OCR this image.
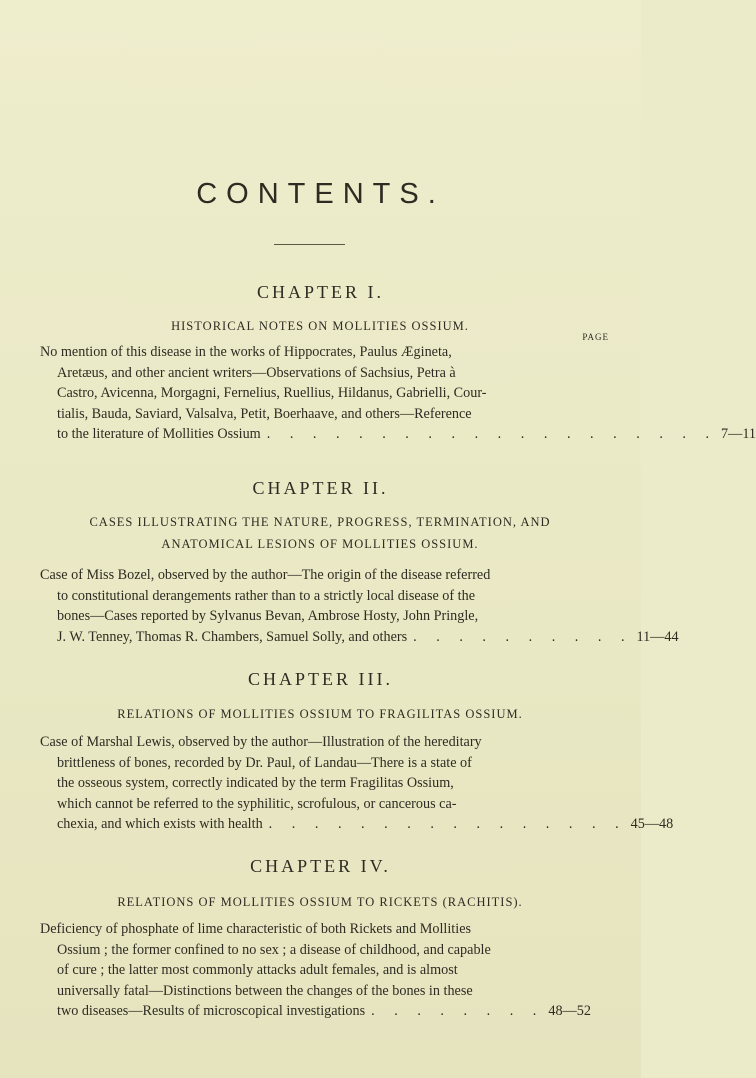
CONTENTS.
CHAPTER I.
HISTORICAL NOTES ON MOLLITIES OSSIUM.
PAGE
No mention of this disease in the works of Hippocrates, Paulus Ægineta,
Aretæus, and other ancient writers—Observations of Sachsius, Petra à
Castro, Avicenna, Morgagni, Fernelius, Ruellius, Hildanus, Gabrielli, Cour-
tialis, Bauda, Saviard, Valsalva, Petit, Boerhaave, and others—Reference
to the literature of Mollities Ossium . . . . . . . . . . . . . . . . . . . . 7—11
CHAPTER II.
CASES ILLUSTRATING THE NATURE, PROGRESS, TERMINATION, AND
ANATOMICAL LESIONS OF MOLLITIES OSSIUM.
Case of Miss Bozel, observed by the author—The origin of the disease referred
to constitutional derangements rather than to a strictly local disease of the
bones—Cases reported by Sylvanus Bevan, Ambrose Hosty, John Pringle,
J. W. Tenney, Thomas R. Chambers, Samuel Solly, and others . . . . . . . . . . 11—44
CHAPTER III.
RELATIONS OF MOLLITIES OSSIUM TO FRAGILITAS OSSIUM.
Case of Marshal Lewis, observed by the author—Illustration of the hereditary
brittleness of bones, recorded by Dr. Paul, of Landau—There is a state of
the osseous system, correctly indicated by the term Fragilitas Ossium,
which cannot be referred to the syphilitic, scrofulous, or cancerous ca-
chexia, and which exists with health . . . . . . . . . . . . . . . . 45—48
CHAPTER IV.
RELATIONS OF MOLLITIES OSSIUM TO RICKETS (RACHITIS).
Deficiency of phosphate of lime characteristic of both Rickets and Mollities
Ossium ; the former confined to no sex ; a disease of childhood, and capable
of cure ; the latter most commonly attacks adult females, and is almost
universally fatal—Distinctions between the changes of the bones in these
two diseases—Results of microscopical investigations . . . . . . . . 48—52
